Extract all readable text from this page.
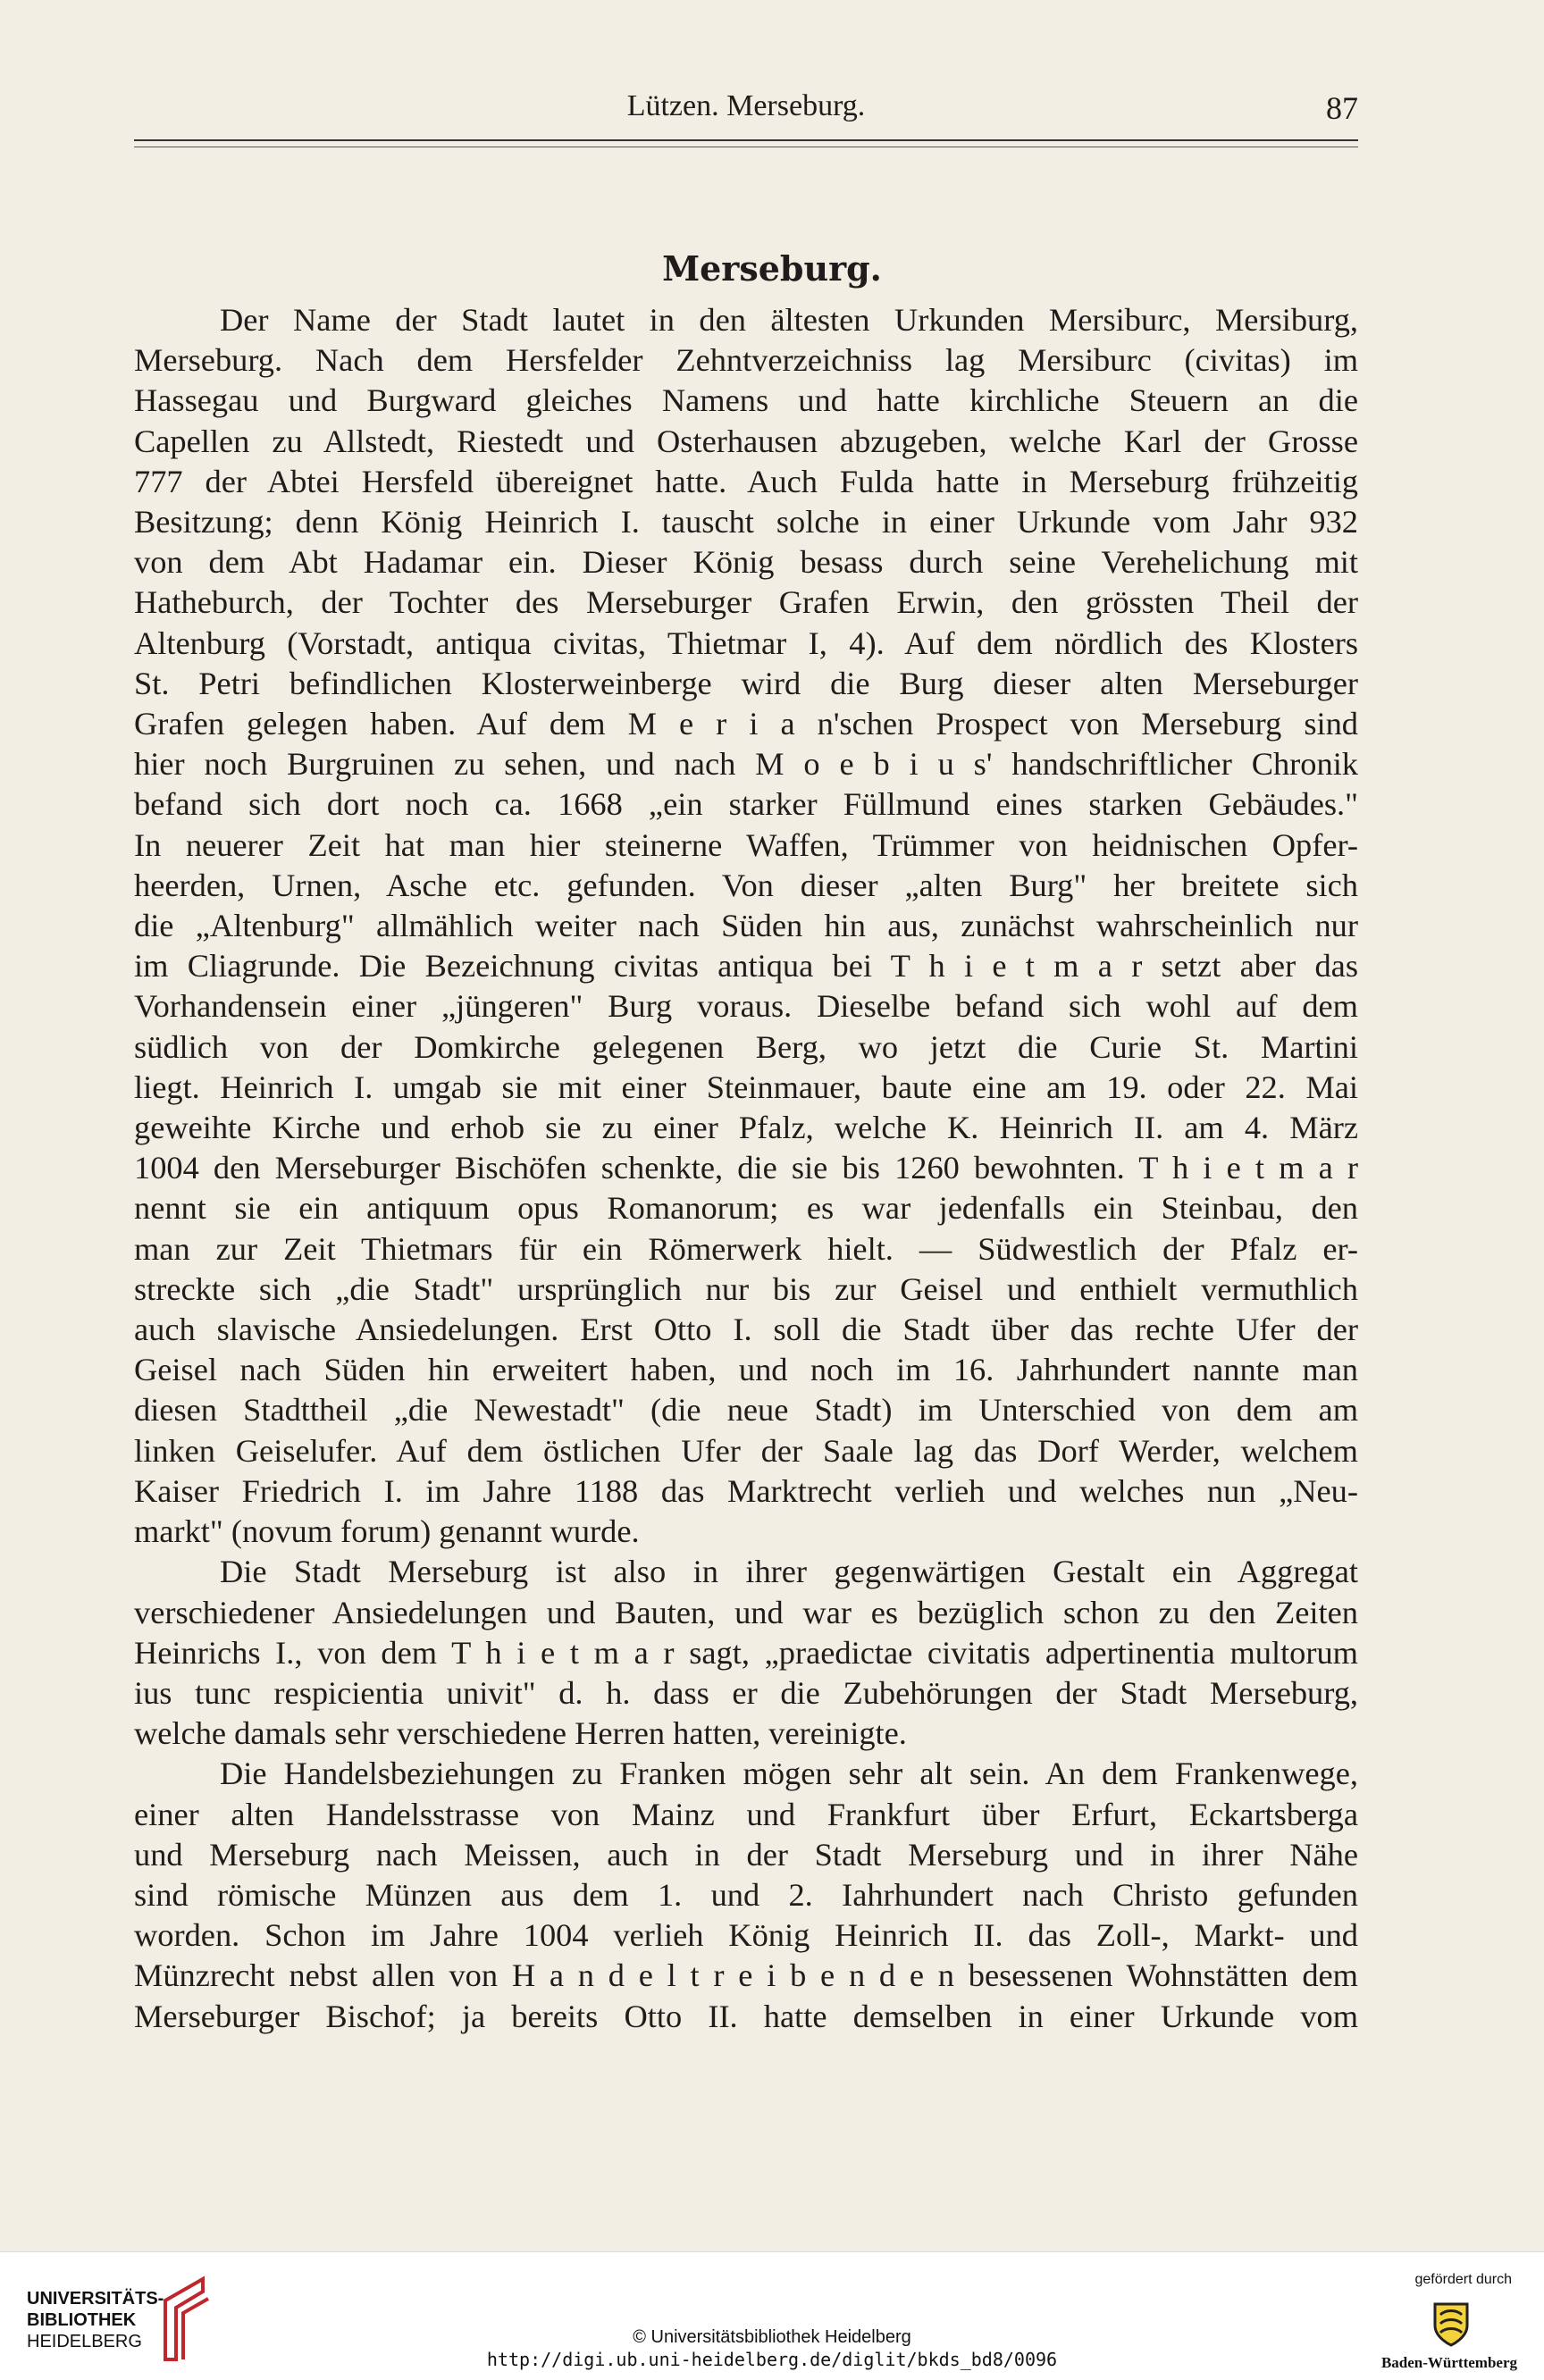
Lützen. Merseburg.	87
Merseburg.
Der Name der Stadt lautet in den ältesten Urkunden Mersiburc, Mersiburg,
Merseburg. Nach dem Hersfelder Zehntverzeichniss lag Mersiburc (civitas) im
Hassegau und Burgward gleiches Namens und hatte kirchliche Steuern an die
Capellen zu Allstedt, Riestedt und Osterhausen abzugeben, welche Karl der Grosse
777 der Abtei Hersfeld übereignet hatte. Auch Fulda hatte in Merseburg frühzeitig
Besitzung; denn König Heinrich I. tauscht solche in einer Urkunde vom Jahr 932
von dem Abt Hadamar ein. Dieser König besass durch seine Verehelichung mit
Hatheburch, der Tochter des Merseburger Grafen Erwin, den grössten Theil der
Altenburg (Vorstadt, antiqua civitas, Thietmar I, 4). Auf dem nördlich des Klosters
St. Petri befindlichen Klosterweinberge wird die Burg dieser alten Merseburger
Grafen gelegen haben. Auf dem M e r i a n'schen Prospect von Merseburg sind
hier noch Burgruinen zu sehen, und nach M o e b i u s' handschriftlicher Chronik
befand sich dort noch ca. 1668 „ein starker Füllmund eines starken Gebäudes."
In neuerer Zeit hat man hier steinerne Waffen, Trümmer von heidnischen Opfer-
heerden, Urnen, Asche etc. gefunden. Von dieser „alten Burg" her breitete sich
die „Altenburg" allmählich weiter nach Süden hin aus, zunächst wahrscheinlich nur
im Cliagrunde. Die Bezeichnung civitas antiqua bei T h i e t m a r setzt aber das
Vorhandensein einer „jüngeren" Burg voraus. Dieselbe befand sich wohl auf dem
südlich von der Domkirche gelegenen Berg, wo jetzt die Curie St. Martini
liegt. Heinrich I. umgab sie mit einer Steinmauer, baute eine am 19. oder 22. Mai
geweihte Kirche und erhob sie zu einer Pfalz, welche K. Heinrich II. am 4. März
1004 den Merseburger Bischöfen schenkte, die sie bis 1260 bewohnten. T h i e t m a r
nennt sie ein antiquum opus Romanorum; es war jedenfalls ein Steinbau, den
man zur Zeit Thietmars für ein Römerwerk hielt. — Südwestlich der Pfalz er-
streckte sich „die Stadt" ursprünglich nur bis zur Geisel und enthielt vermuthlich
auch slavische Ansiedelungen. Erst Otto I. soll die Stadt über das rechte Ufer der
Geisel nach Süden hin erweitert haben, und noch im 16. Jahrhundert nannte man
diesen Stadttheil „die Newestadt" (die neue Stadt) im Unterschied von dem am
linken Geiselufer. Auf dem östlichen Ufer der Saale lag das Dorf Werder, welchem
Kaiser Friedrich I. im Jahre 1188 das Marktrecht verlieh und welches nun „Neu-
markt" (novum forum) genannt wurde.
Die Stadt Merseburg ist also in ihrer gegenwärtigen Gestalt ein Aggregat
verschiedener Ansiedelungen und Bauten, und war es bezüglich schon zu den Zeiten
Heinrichs I., von dem T h i e t m a r sagt, „praedictae civitatis adpertinentia multorum
ius tunc respicientia univit" d. h. dass er die Zubehörungen der Stadt Merseburg,
welche damals sehr verschiedene Herren hatten, vereinigte.
Die Handelsbeziehungen zu Franken mögen sehr alt sein. An dem Frankenwege,
einer alten Handelsstrasse von Mainz und Frankfurt über Erfurt, Eckartsberga
und Merseburg nach Meissen, auch in der Stadt Merseburg und in ihrer Nähe
sind römische Münzen aus dem 1. und 2. Iahrhundert nach Christo gefunden
worden. Schon im Jahre 1004 verlieh König Heinrich II. das Zoll-, Markt- und
Münzrecht nebst allen von H a n d e l t r e i b e n d e n besessenen Wohnstätten dem
Merseburger Bischof; ja bereits Otto II. hatte demselben in einer Urkunde vom
UNIVERSITÄTS-
BIBLIOTHEK
HEIDELBERG	© Universitätsbibliothek Heidelberg
http://digi.ub.uni-heidelberg.de/diglit/bkds_bd8/0096
gefördert durch
Baden-Württemberg
